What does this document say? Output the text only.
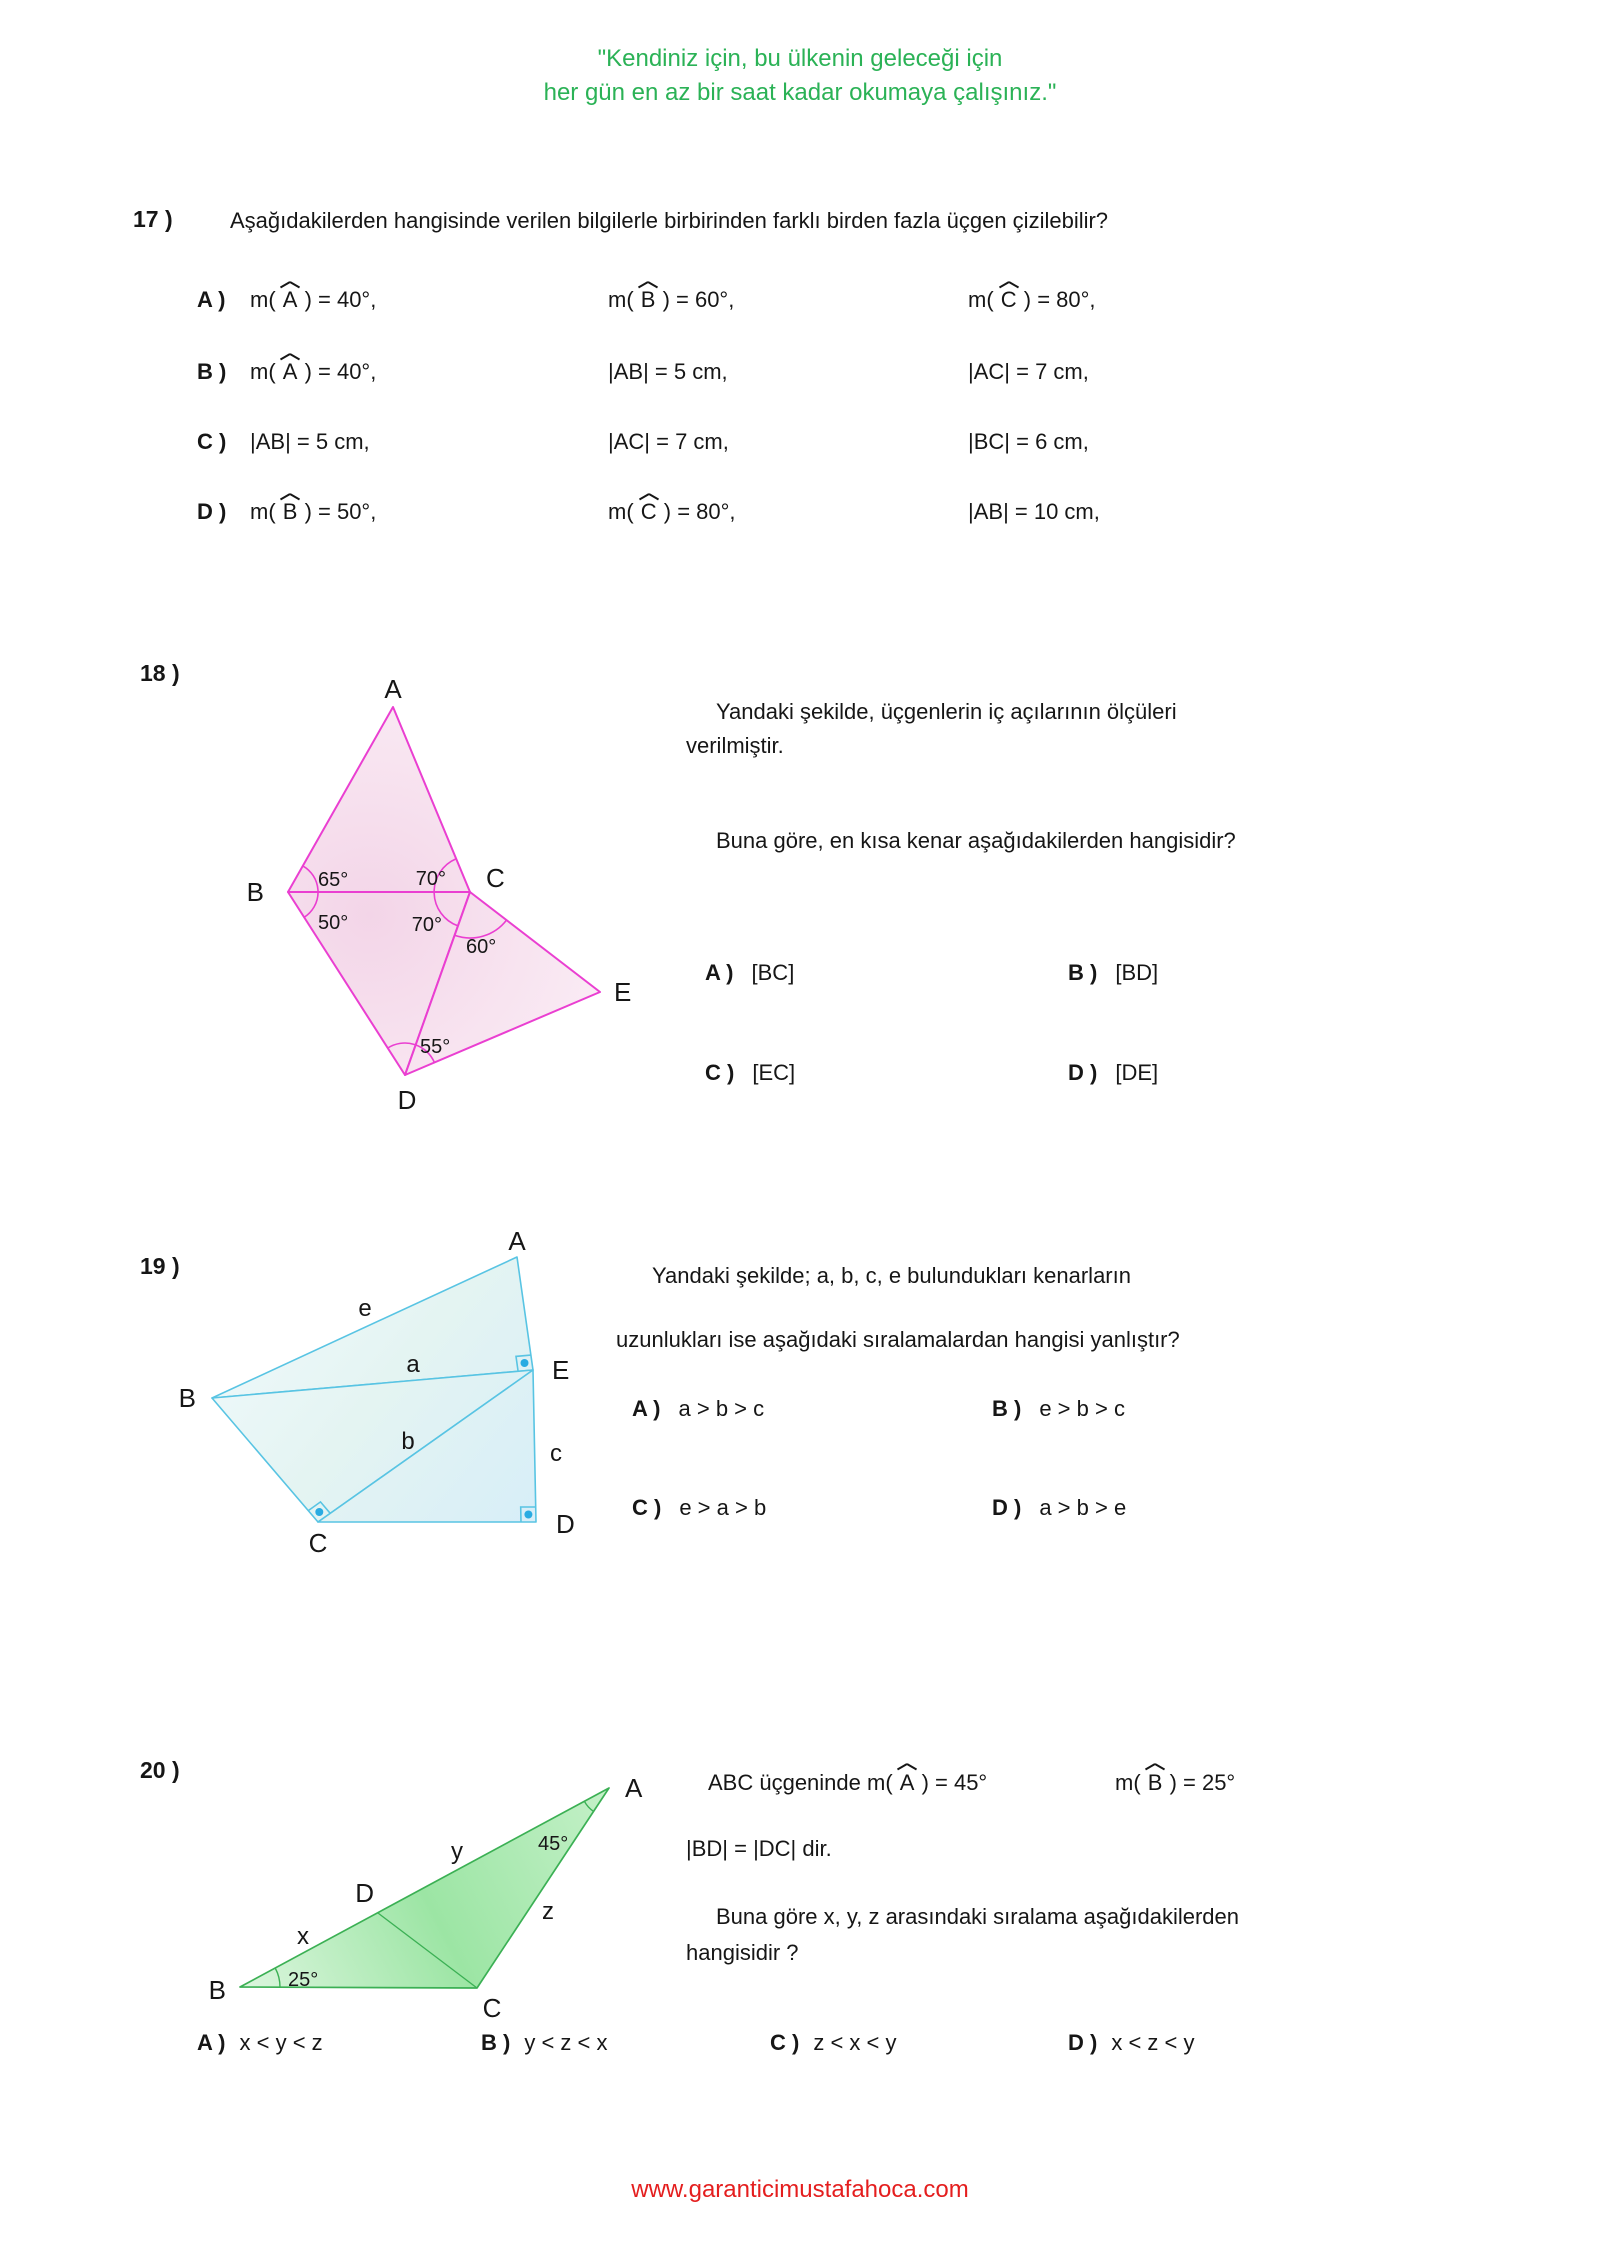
"Kendiniz için, bu ülkenin geleceği için
her gün en az bir saat kadar okumaya çalışınız."
17 )	Aşağıdakilerden hangisinde verilen bilgilerle birbirinden farklı birden fazla üçgen çizilebilir?
A ) m( A ) = 40°,	m( B ) = 60°,	m( C ) = 80°,
B ) m( A ) = 40°,	|AB| = 5 cm,	|AC| = 7 cm,
C ) |AB| = 5 cm,	|AC| = 7 cm,	|BC| = 6 cm,
D ) m( B ) = 50°,	m( C ) = 80°,	|AB| = 10 cm,
18 )
A
B	C
D
E
65°
50°
70°
70°
60°
55°
Yandaki şekilde, üçgenlerin iç açılarının ölçüleri
verilmiştir.
Buna göre, en kısa kenar aşağıdakilerden hangisidir?
A ) [BC]	B ) [BD]
C ) [EC]	D ) [DE]
19 )
A
B
C
D
E
e
a
b	c
Yandaki şekilde; a, b, c, e bulundukları kenarların
uzunlukları ise aşağıdaki sıralamalardan hangisi yanlıştır?
A ) a > b > c	B ) e > b > c
C ) e > a > b	D ) a > b > e
20 )
A
B
C
D
x
y
z
45°
25°
ABC üçgeninde m( A ) = 45°	m( B ) = 25°
|BD| = |DC| dir.
Buna göre x, y, z arasındaki sıralama aşağıdakilerden
hangisidir ?
A ) x < y < z	B ) y < z < x	C ) z < x < y	D ) x < z < y
www.garanticimustafahoca.com
